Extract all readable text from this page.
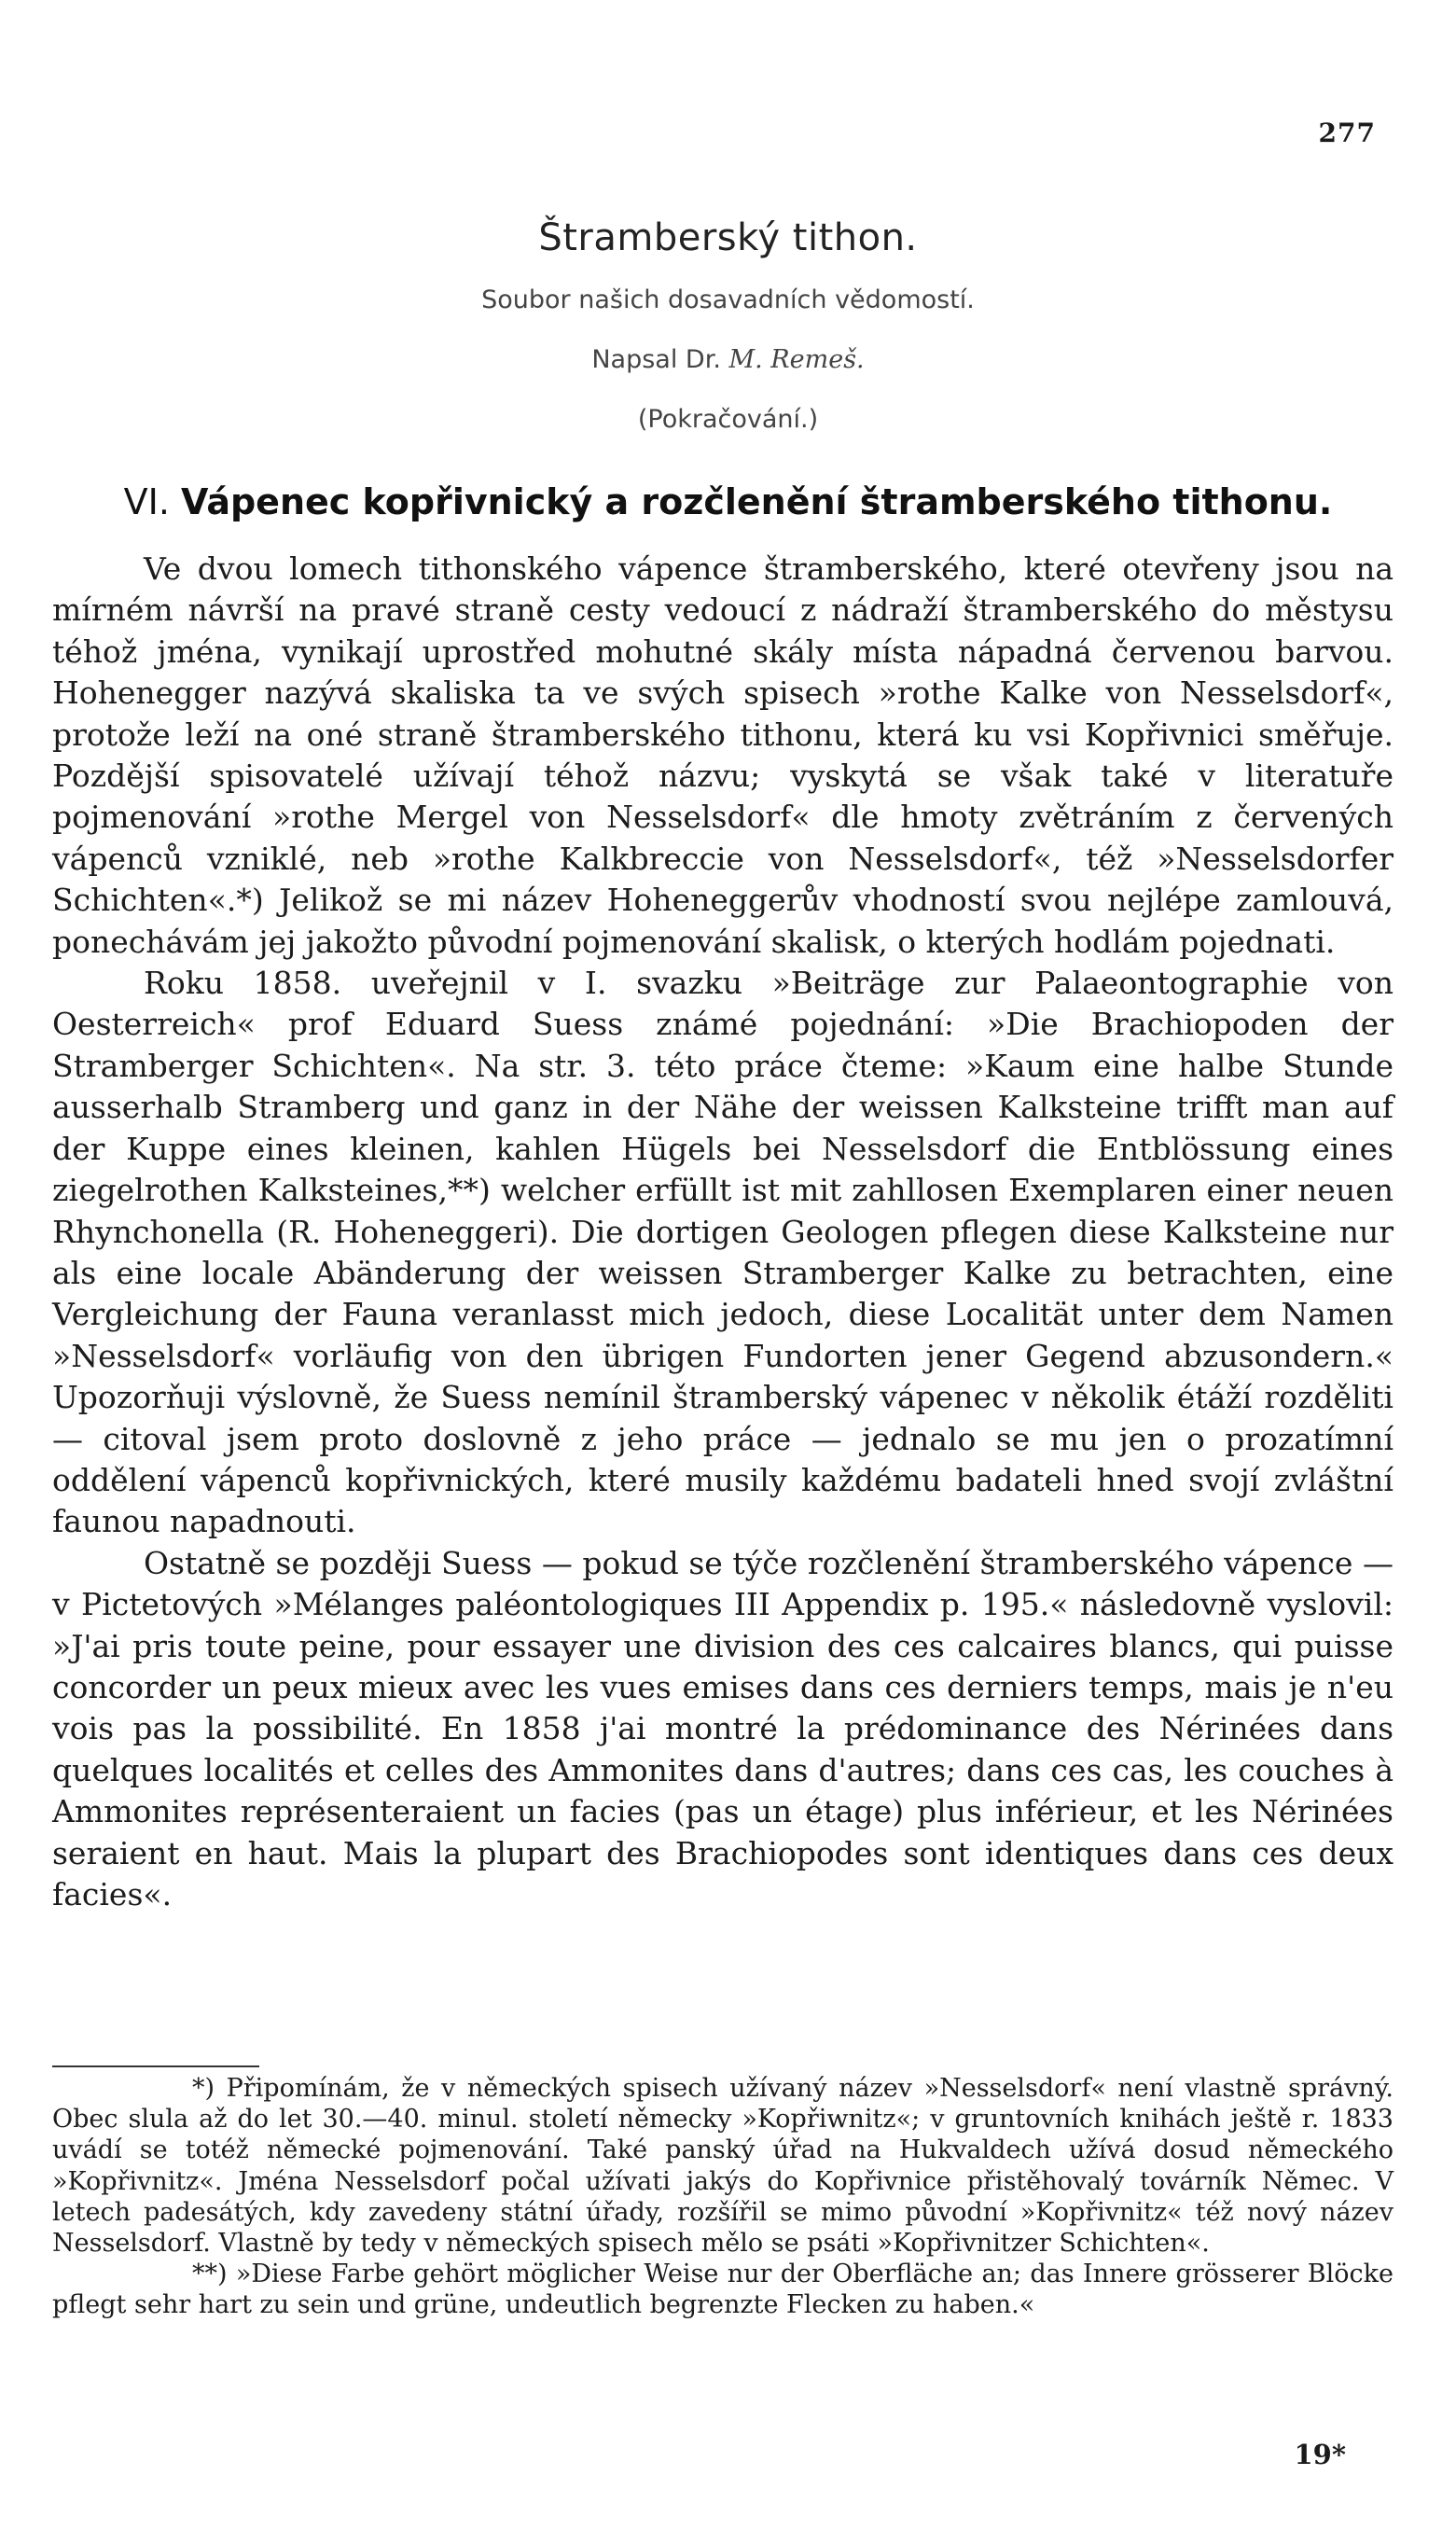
277
Štramberský tithon.
Soubor našich dosavadních vědomostí.
Napsal Dr. M. Remeš.
(Pokračování.)
VI. Vápenec kopřivnický a rozčlenění štramberského tithonu.

Ve dvou lomech tithonského vápence štramberského, které otevřeny jsou na mírném návrší na pravé straně cesty vedoucí z nádraží štramberského do městysu téhož jména, vynikají uprostřed mohutné skály místa nápadná červenou barvou. Hohenegger nazývá skaliska ta ve svých spisech »rothe Kalke von Nesselsdorf«, protože leží na oné straně štramberského tithonu, která ku vsi Kopřivnici směřuje. Pozdější spisovatelé užívají téhož názvu; vyskytá se však také v literatuře pojmenování »rothe Mergel von Nesselsdorf« dle hmoty zvětráním z červených vápenců vzniklé, neb »rothe Kalkbreccie von Nesselsdorf«, též »Nesselsdorfer Schichten«.*) Jelikož se mi název Hoheneggerův vhodností svou nejlépe zamlouvá, ponechávám jej jakožto původní pojmenování skalisk, o kterých hodlám pojednati.

Roku 1858. uveřejnil v I. svazku »Beiträge zur Palaeontographie von Oesterreich« prof Eduard Suess známé pojednání: »Die Brachiopoden der Stramberger Schichten«. Na str. 3. této práce čteme: »Kaum eine halbe Stunde ausserhalb Stramberg und ganz in der Nähe der weissen Kalksteine trifft man auf der Kuppe eines kleinen, kahlen Hügels bei Nesselsdorf die Entblössung eines ziegelrothen Kalksteines,**) welcher erfüllt ist mit zahllosen Exemplaren einer neuen Rhynchonella (R. Hoheneggeri). Die dortigen Geologen pflegen diese Kalksteine nur als eine locale Abänderung der weissen Stramberger Kalke zu betrachten, eine Vergleichung der Fauna veranlasst mich jedoch, diese Localität unter dem Namen »Nesselsdorf« vorläufig von den übrigen Fundorten jener Gegend abzusondern.« Upozorňuji výslovně, že Suess nemínil štramberský vápenec v několik étáží rozděliti — citoval jsem proto doslovně z jeho práce — jednalo se mu jen o prozatímní oddělení vápenců kopřivnických, které musily každému badateli hned svojí zvláštní faunou napadnouti.

Ostatně se později Suess — pokud se týče rozčlenění štramberského vápence — v Pictetových »Mélanges paléontologiques III Appendix p. 195.« následovně vyslovil: »J'ai pris toute peine, pour essayer une division des ces calcaires blancs, qui puisse concorder un peux mieux avec les vues emises dans ces derniers temps, mais je n'eu vois pas la possibilité. En 1858 j'ai montré la prédominance des Nérinées dans quelques localités et celles des Ammonites dans d'autres; dans ces cas, les couches à Ammonites représenteraient un facies (pas un étage) plus inférieur, et les Nérinées seraient en haut. Mais la plupart des Brachiopodes sont identiques dans ces deux facies«.

*) Připomínám, že v německých spisech užívaný název »Nesselsdorf« není vlastně správný. Obec slula až do let 30.—40. minul. století německy »Kopřiwnitz«; v gruntovních knihách ještě r. 1833 uvádí se totéž německé pojmenování. Také panský úřad na Hukvaldech užívá dosud německého »Kopřivnitz«. Jména Nesselsdorf počal užívati jakýs do Kopřivnice přistěhovalý továrník Němec. V letech padesátých, kdy zavedeny státní úřady, rozšířil se mimo původní »Kopřivnitz« též nový název Nesselsdorf. Vlastně by tedy v německých spisech mělo se psáti »Kopřivnitzer Schichten«.

**) »Diese Farbe gehört möglicher Weise nur der Oberfläche an; das Innere grösserer Blöcke pflegt sehr hart zu sein und grüne, undeutlich begrenzte Flecken zu haben.«

19*
